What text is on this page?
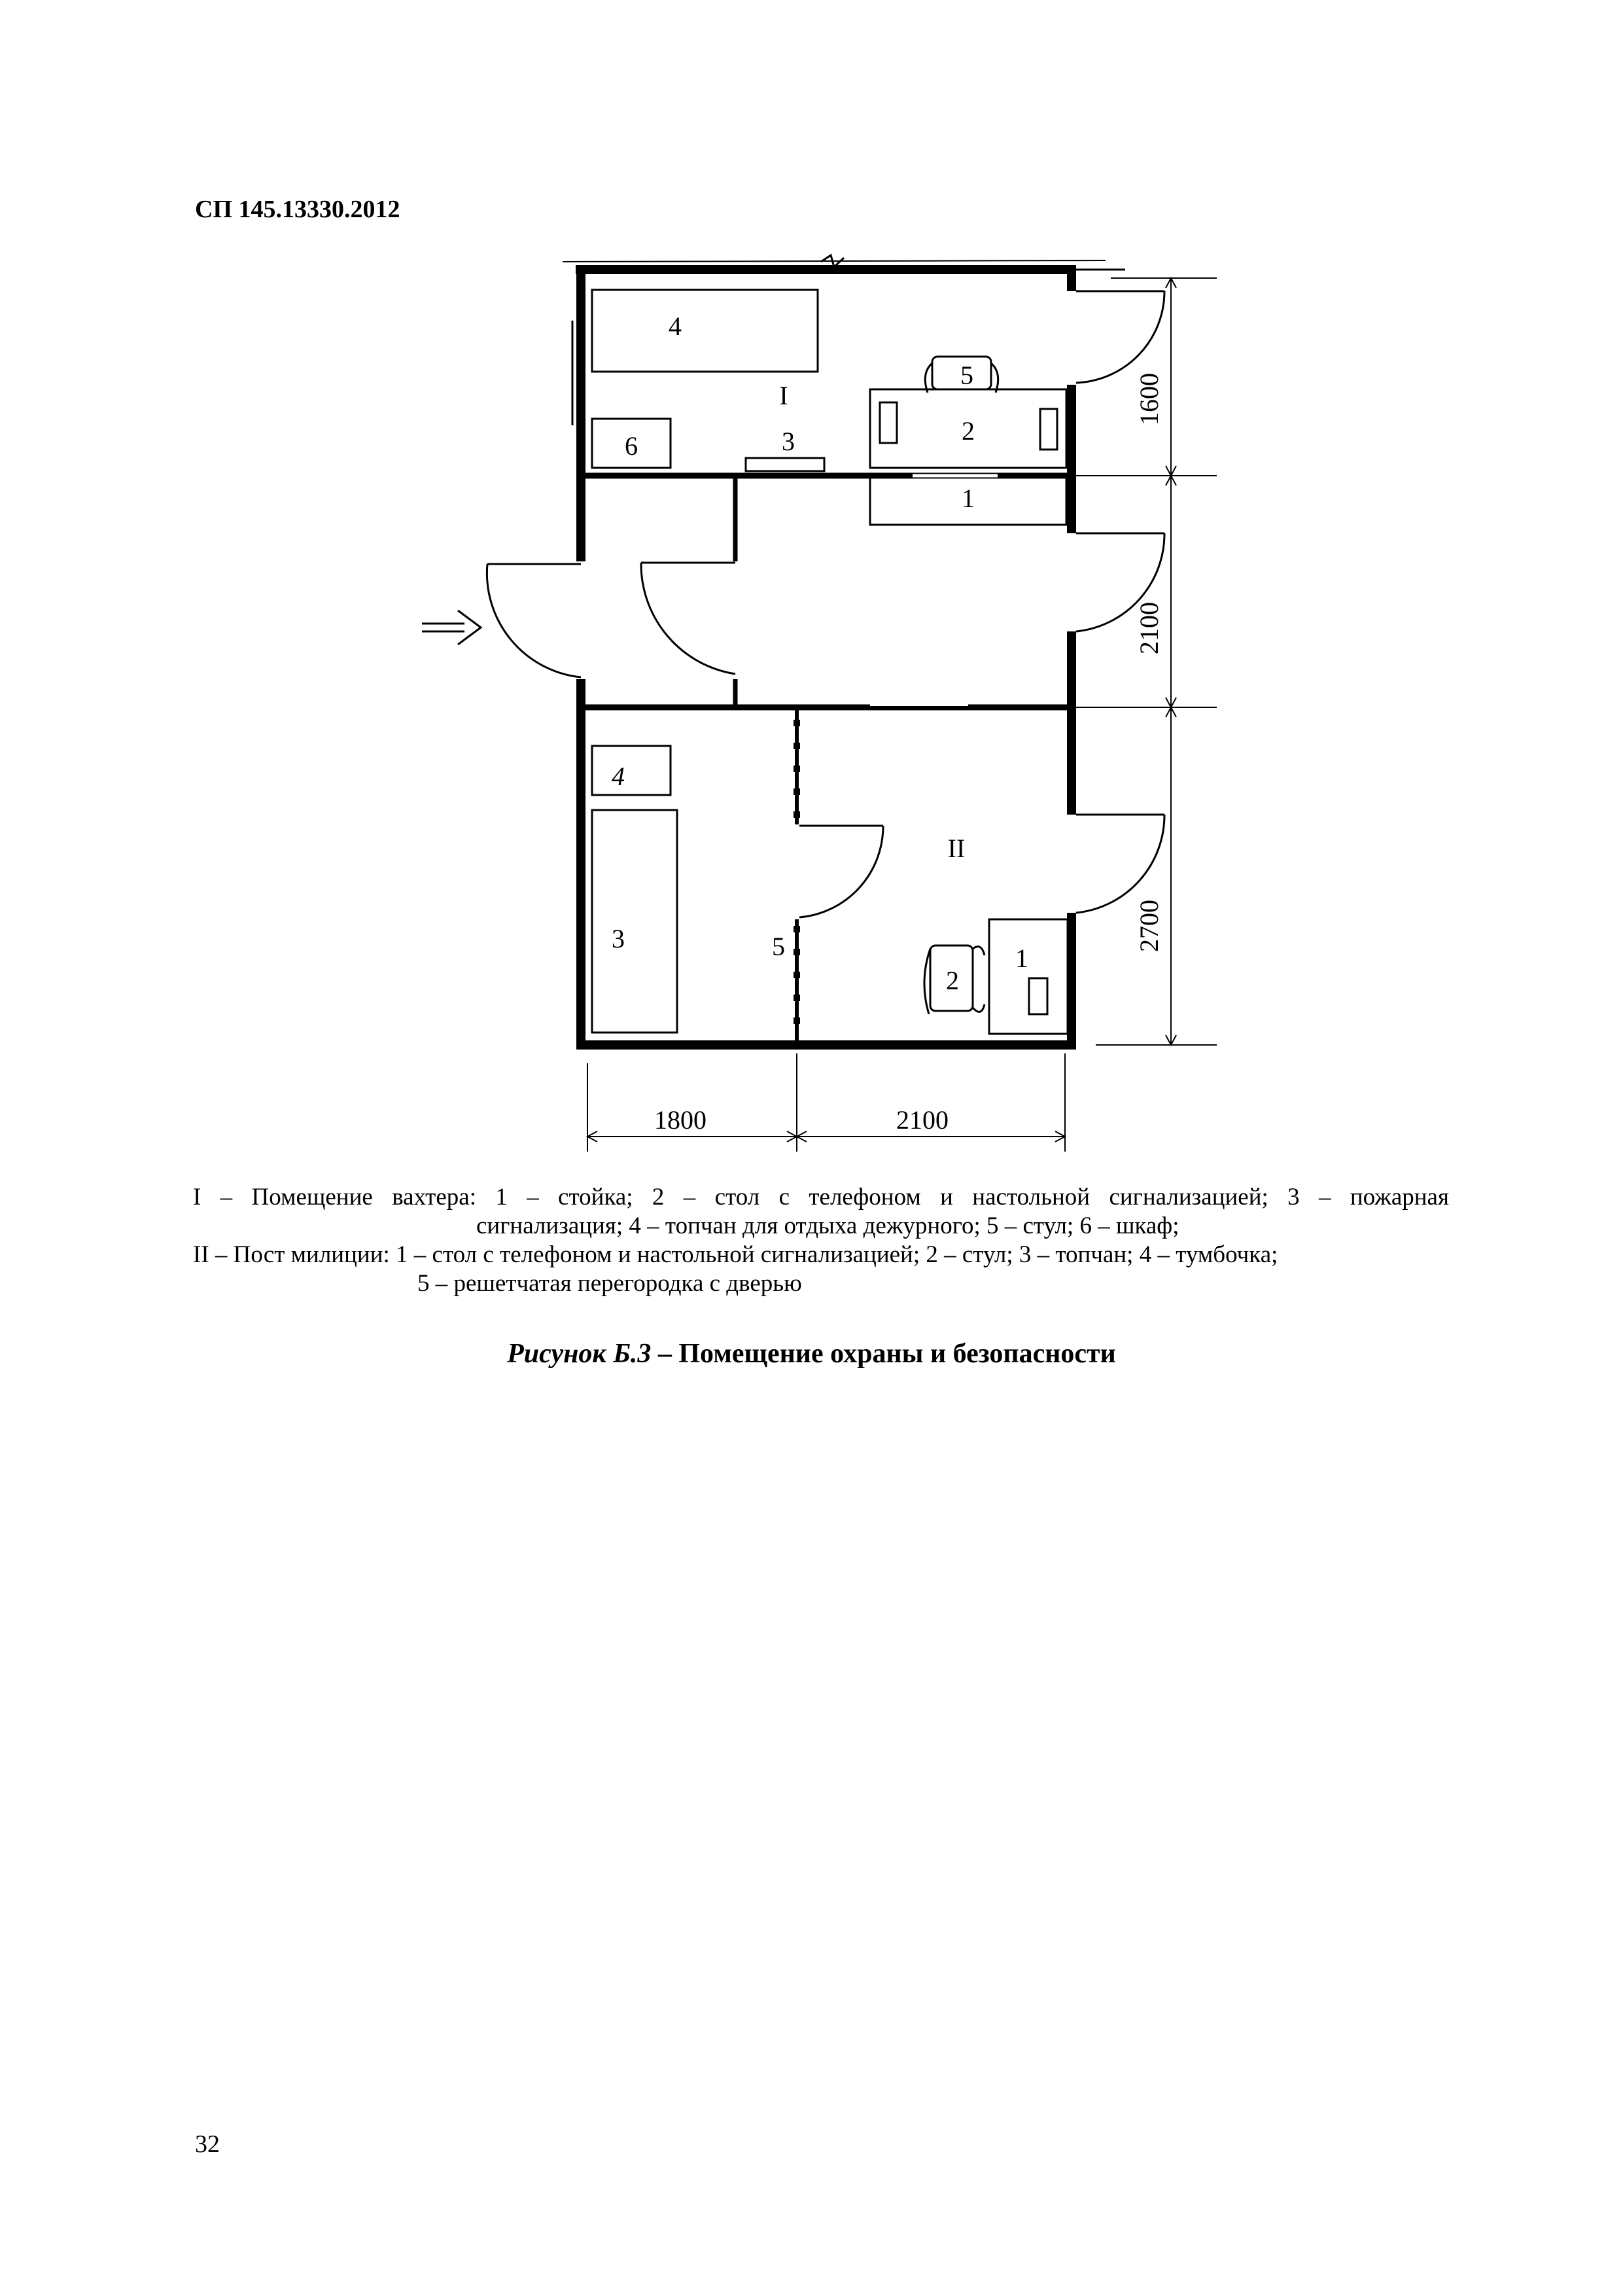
СП 145.13330.2012
I
II
4
6	3
5
2
1
4
3	5
2
1
1600
2100
2700
1800	2100

I – Помещение вахтера: 1 – стойка; 2 – стол с телефоном и настольной сигнализацией; 3 – пожарная

сигнализация; 4 – топчан для отдыха дежурного; 5 – стул; 6 – шкаф;

II – Пост милиции: 1 – стол с телефоном и настольной сигнализацией; 2 – стул; 3 – топчан; 4 – тумбочка;

5 – решетчатая перегородка с дверью

Рисунок Б.3 – Помещение охраны и безопасности
32
